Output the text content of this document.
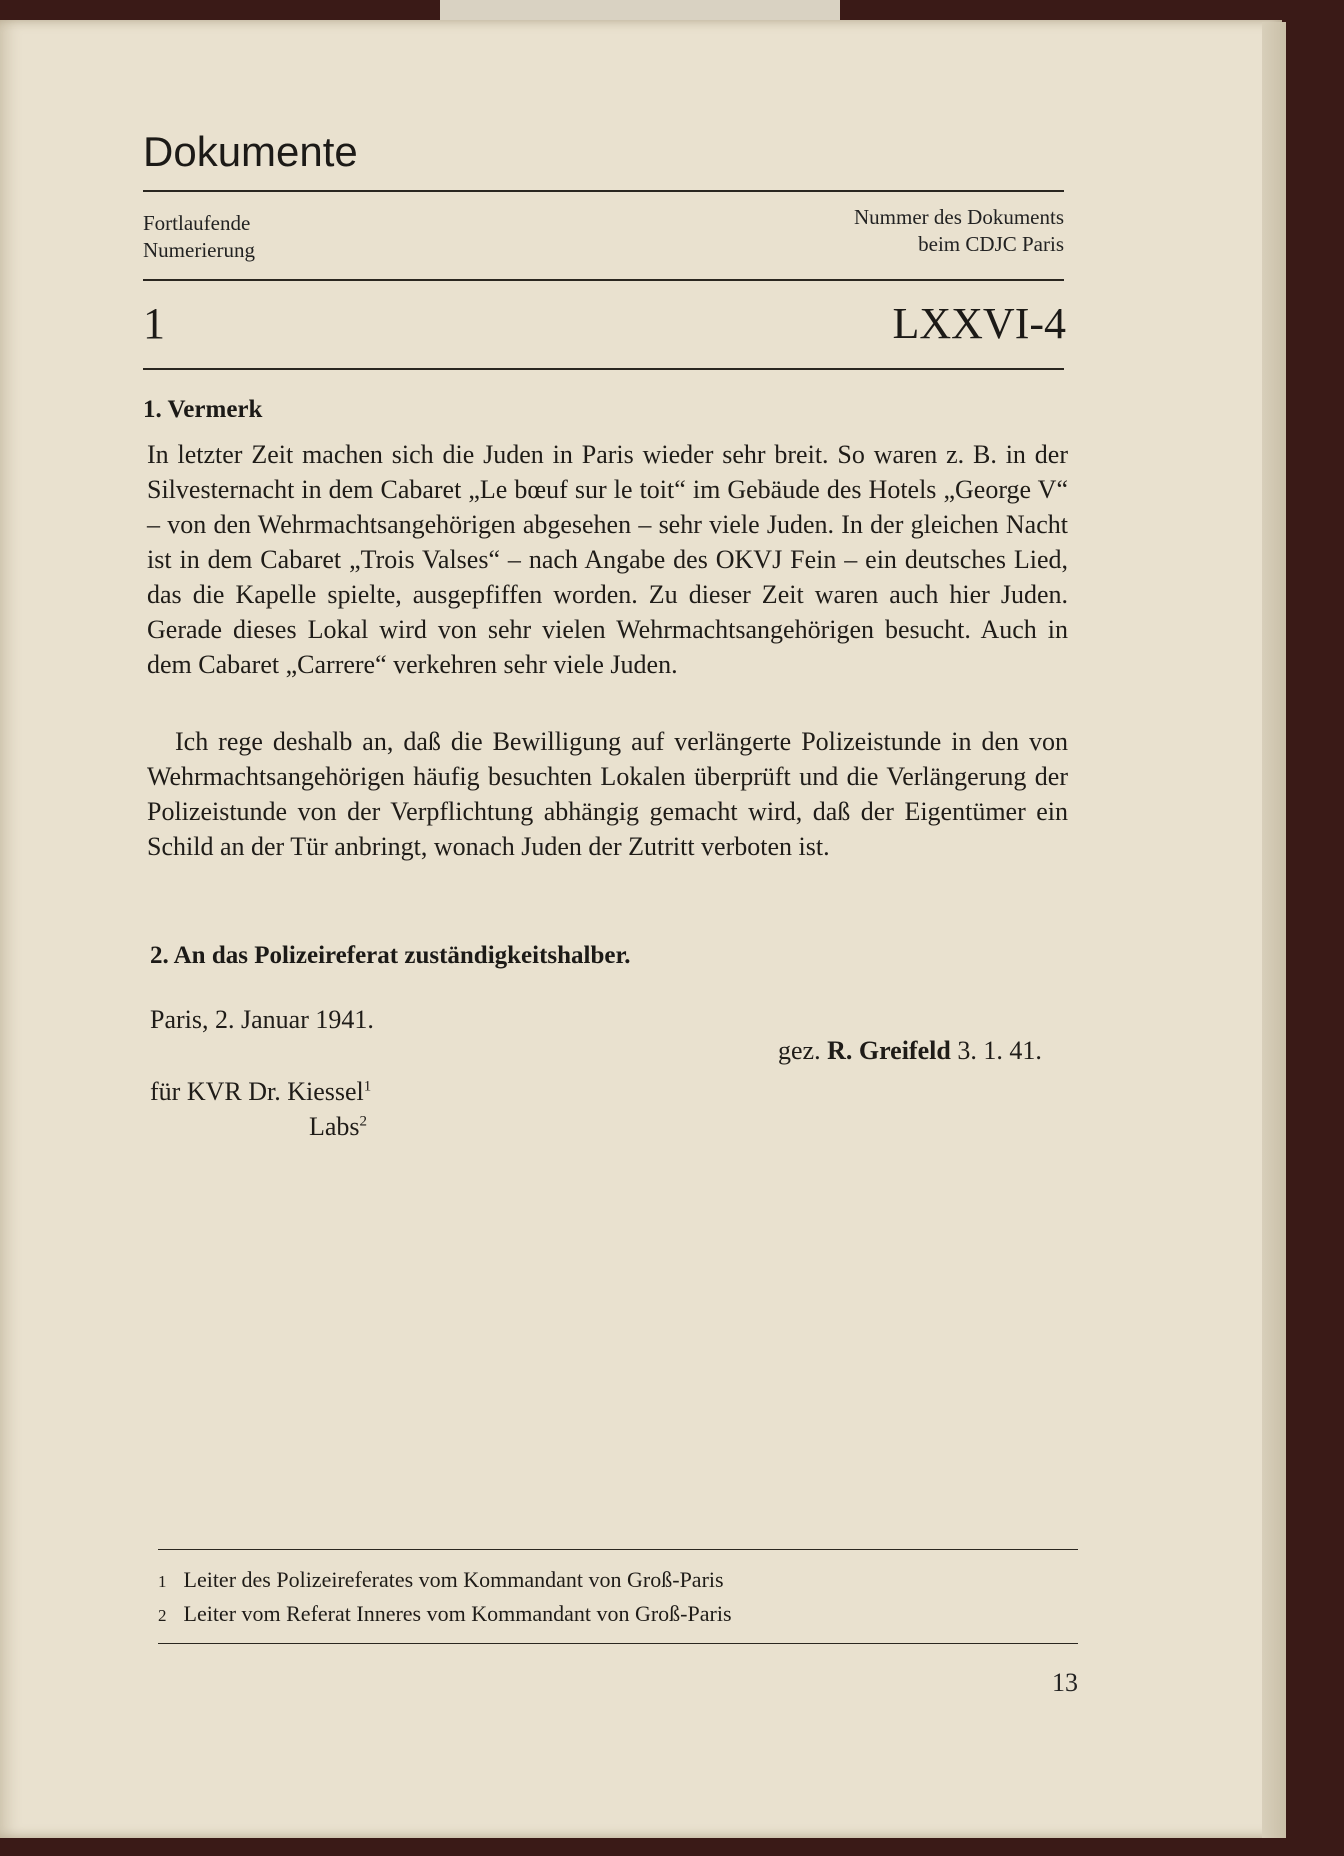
Dokumente
Fortlaufende
Numerierung
Nummer des Dokuments
beim CDJC Paris
1	LXXVI-4
1. Vermerk

In letzter Zeit machen sich die Juden in Paris wieder sehr breit. So waren z. B. in der Silvesternacht in dem Cabaret „Le bœuf sur le toit“ im Gebäude des Hotels „George V“ – von den Wehrmachtsangehörigen abgesehen – sehr viele Juden. In der gleichen Nacht ist in dem Cabaret „Trois Valses“ – nach Angabe des OKVJ Fein – ein deutsches Lied, das die Kapelle spielte, ausgepfiffen worden. Zu dieser Zeit waren auch hier Juden. Gerade dieses Lokal wird von sehr vielen Wehrmachtsangehörigen besucht. Auch in dem Cabaret „Carrere“ verkehren sehr viele Juden.

Ich rege deshalb an, daß die Bewilligung auf verlängerte Polizeistunde in den von Wehrmachtsangehörigen häufig besuchten Lokalen überprüft und die Verlängerung der Polizeistunde von der Verpflichtung abhängig gemacht wird, daß der Eigentümer ein Schild an der Tür anbringt, wonach Juden der Zutritt verboten ist.

2. An das Polizeireferat zuständigkeitshalber.
Paris, 2. Januar 1941.
gez. R. Greifeld 3. 1. 41.
für KVR Dr. Kiessel$^1$
Labs$^2$
1 Leiter des Polizeireferates vom Kommandant von Groß-Paris
2 Leiter vom Referat Inneres vom Kommandant von Groß-Paris
13
